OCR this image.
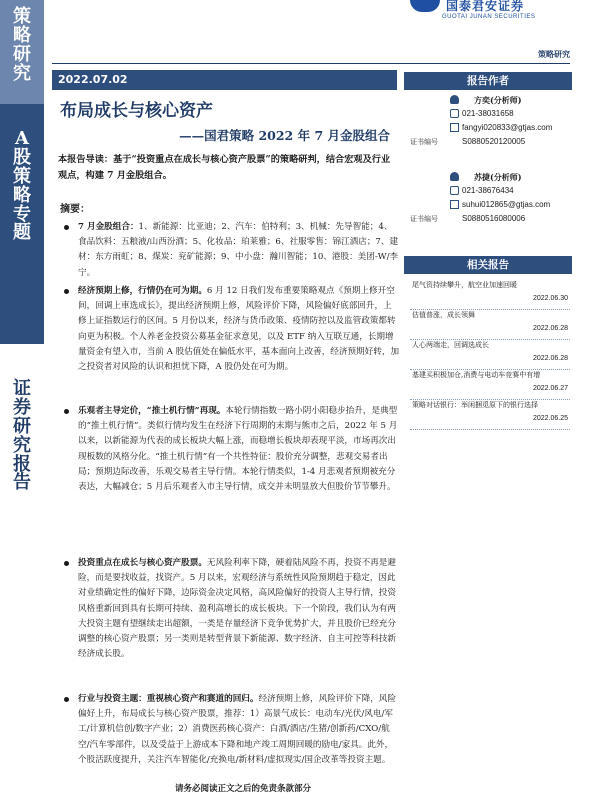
策
略
研
究
A
股
策
略
专
题
证
券
研
究
报
告
国泰君安证券
GUOTAI JUNAN SECURITIES
策略研究
2022.07.02
布局成长与核心资产
——国君策略 2022 年 7 月金股组合
本报告导读：基于“投资重点在成长与核心资产股票”的策略研判，结合宏观及行业观点，构建 7 月金股组合。
摘要：
7 月金股组合：1、新能源：比亚迪；2、汽车：伯特利；3、机械：先导智能；4、食品饮料：五粮液/山西汾酒；5、化妆品：珀莱雅；6、社服零售：锦江酒店；7、建材：东方雨虹；8、煤炭：兖矿能源；9、中小盘：瀚川智能；10、港股：美团-W/李宁。
经济预期上修，行情仍在可为期。6 月 12 日我们发布重要策略观点《预期上修开空间，回调上車选成长》，提出经济预期上修，风险评价下降，风险偏好底部回升，上修上证指数运行的区间。5 月份以来，经济与货币政策、疫情防控以及监管政策都转向更为积极。个人养老金投资公募基金征求意见，以及 ETF 纳入互联互通，长期增量资金有望入市，当前 A 股估值处在偏低水平，基本面向上改善，经济预期好转，加之投资者对风险的认识和担忧下降，A 股仍处在可为期。
乐观者主导定价，“推土机行情”再现。本轮行情指数一路小阴小阳稳步抬升，是典型的“推土机行情”。类似行情均发生在经济下行周期的末期与熊市之后，2022 年 5 月以来，以新能源为代表的成长板块大幅上涨，而稳增长板块却表现平淡，市场再次出现板数的风格分化。“推土机行情”有一个共性特征：股价充分调整，悲观交易者出局；预期边际改善，乐观交易者主导行情。本轮行情类似，1-4 月悲观者预期被充分表达，大幅减仓；5 月后乐观者入市主导行情，成交并未明显放大但股价节节攀升。
投资重点在成长与核心资产股票。无风险利率下降，硬着陆风险不再，投资不再是避险，而是要找收益，找资产。5 月以来，宏观经济与系统性风险预期趋于稳定，因此对业绩确定性的偏好下降，边际资金决定风格，高风险偏好的投资人主导行情，投资风格重新回到具有长期可持续、盈利高增长的成长板块。下一个阶段，我们认为有两大投资主题有望继续走出超额，一类是存量经济下竞争优势扩大，并且股价已经充分调整的核心资产股票；另一类则是转型背景下新能源、数字经济、自主可控等科技新经济成长股。
行业与投资主题：重视核心资产和赛道的回归。经济预期上修，风险评价下降，风险偏好上升，布局成长与核心资产股票，推荐：1）高景气成长：电动车/光伏/风电/军工/计算机信创/数字产业；2）消费医药核心资产：白酒/酒店/生猪/创新药/CXO/航空/汽车零部件，以及受益于上游成本下降和地产竣工周期回暖的励电/家具。此外，个股活跃度提升，关注汽车智能化/充换电/新材料/虚拟现实/国企改革等投资主题。
请务必阅读正文之后的免责条款部分
报告作者
方奕(分析师)
021-38031658
fangyi020833@gtjas.com
证书编号	S0880520120005
苏捷(分析师)
021-38676434
suhui012865@gtjas.com
证书编号	S0880516080006
相关报告
尾气资持续攀升，航空业加速回暖
2022.06.30
估值普涨，成长领舞
2022.06.28
人心两端走，回调选成长
2022.06.28
基建买积极加仓,消费与电动车竞赛中有增
2022.06.27
策略对话银行：举闲捆觅原下的银行选择
2022.06.25
